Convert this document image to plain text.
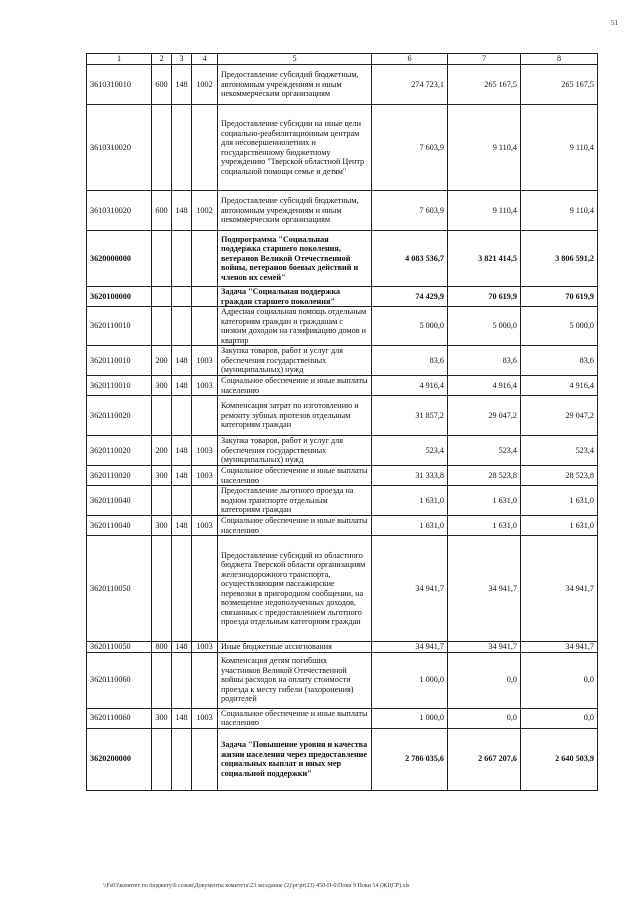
51
1	2	3	4	5	6	7	8
3610310010	600	148	1002	Предоставление субсидий бюджетным, автономным учреждениям и иным некоммерческим организациям	274 723,1	265 167,5	265 167,5
3610310020				Предоставление субсидии на иные цели социально-реабилитационным центрам для несовершеннолетних и государственному бюджетному учреждению "Тверской областной Центр социальной помощи семье и детям"	7 603,9	9 110,4	9 110,4
3610310020	600	148	1002	Предоставление субсидий бюджетным, автономным учреждениям и иным некоммерческим организациям	7 603,9	9 110,4	9 110,4
3620000000				Подпрограмма "Социальная поддержка старшего поколения, ветеранов Великой Отечественной войны, ветеранов боевых действий и членов их семей"	4 083 536,7	3 821 414,5	3 806 591,2
3620100000				Задача "Социальная поддержка граждан старшего поколения"	74 429,9	70 619,9	70 619,9
3620110010				Адресная социальная помощь отдельным категориям граждан и гражданам с низким доходом на газификацию домов и квартир	5 000,0	5 000,0	5 000,0
3620110010	200	148	1003	Закупка товаров, работ и услуг для обеспечения государственных (муниципальных) нужд	83,6	83,6	83,6
3620110010	300	148	1003	Социальное обеспечение и иные выплаты населению	4 916,4	4 916,4	4 916,4
3620110020				Компенсация затрат по изготовлению и ремонту зубных протезов отдельным категориям граждан	31 857,2	29 047,2	29 047,2
3620110020	200	148	1003	Закупка товаров, работ и услуг для обеспечения государственных (муниципальных) нужд	523,4	523,4	523,4
3620110020	300	148	1003	Социальное обеспечение и иные выплаты населению	31 333,8	28 523,8	28 523,8
3620110040				Предоставление льготного проезда на водном транспорте отдельным категориям граждан	1 631,0	1 631,0	1 631,0
3620110040	300	148	1003	Социальное обеспечение и иные выплаты населению	1 631,0	1 631,0	1 631,0
3620110050				Предоставление субсидий из областного бюджета Тверской области организациям железнодорожного транспорта, осуществляющим пассажирские перевозки в пригородном сообщении, на возмещение недополученных доходов, связанных с предоставлением льготного проезда отдельным категориям граждан	34 941,7	34 941,7	34 941,7
3620110050	800	148	1003	Иные бюджетные ассигнования	34 941,7	34 941,7	34 941,7
3620110060				Компенсация детям погибших участников Великой Отечественной войны расходов на оплату стоимости проезда к месту гибели (захоронения) родителей	1 000,0	0,0	0,0
3620110060	300	148	1003	Социальное обеспечение и иные выплаты населению	1 000,0	0,0	0,0
3620200000				Задача "Повышение уровня и качества жизни населения через предоставление социальных выплат и иных мер социальной поддержки"	2 786 035,6	2 667 207,6	2 640 503,9
\\Fs03\комитет по бюджету\6 созыв\Документы комитета\23 заседание (2)\pr\pr(23) 450-П-6\Поки 9 Поки 14 (ЖЦСР).xls
